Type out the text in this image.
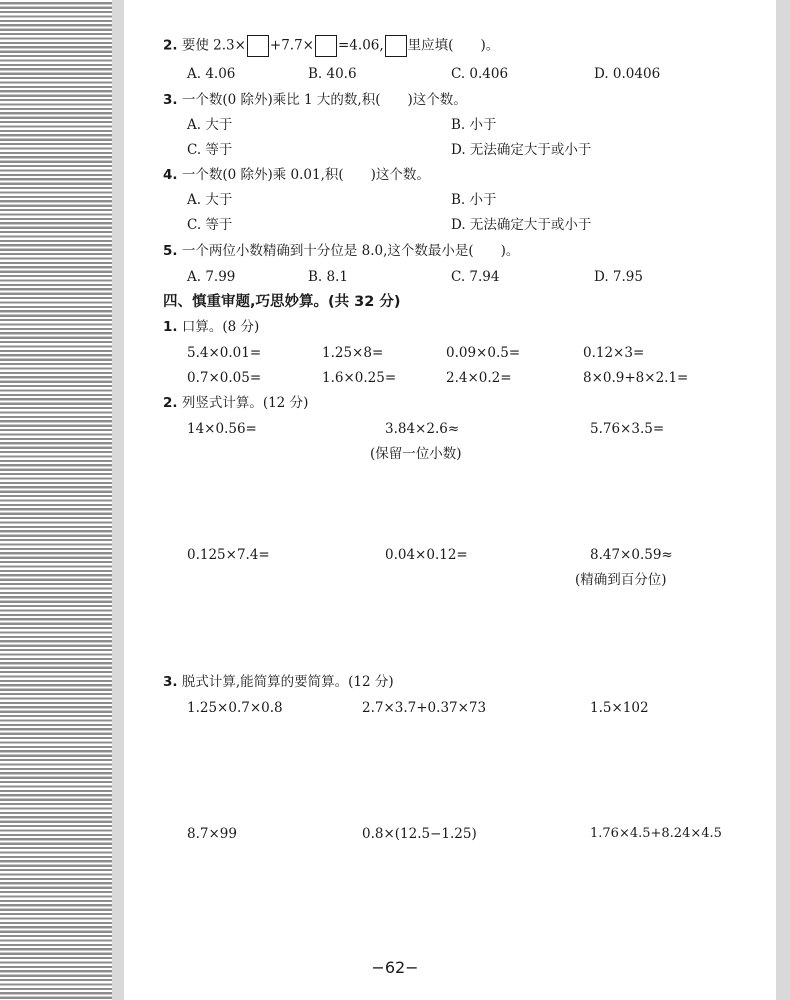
2. 要使 2.3× +7.7× =4.06, 里应填(　　)。
A. 4.06	B. 40.6	C. 0.406	D. 0.0406
3. 一个数(0 除外)乘比 1 大的数,积(　　)这个数。
A. 大于	B. 小于
C. 等于	D. 无法确定大于或小于
4. 一个数(0 除外)乘 0.01,积(　　)这个数。
A. 大于	B. 小于
C. 等于	D. 无法确定大于或小于
5. 一个两位小数精确到十分位是 8.0,这个数最小是(　　)。
A. 7.99	B. 8.1	C. 7.94	D. 7.95
四、慎重审题,巧思妙算。(共 32 分)
1. 口算。(8 分)
5.4×0.01=	1.25×8=	0.09×0.5=	0.12×3=
0.7×0.05=	1.6×0.25=	2.4×0.2=	8×0.9+8×2.1=
2. 列竖式计算。(12 分)
14×0.56=	3.84×2.6≈	5.76×3.5=
(保留一位小数)
0.125×7.4=	0.04×0.12=	8.47×0.59≈
(精确到百分位)
3. 脱式计算,能简算的要简算。(12 分)
1.25×0.7×0.8	2.7×3.7+0.37×73	1.5×102
8.7×99	0.8×(12.5−1.25)	1.76×4.5+8.24×4.5
−62−
